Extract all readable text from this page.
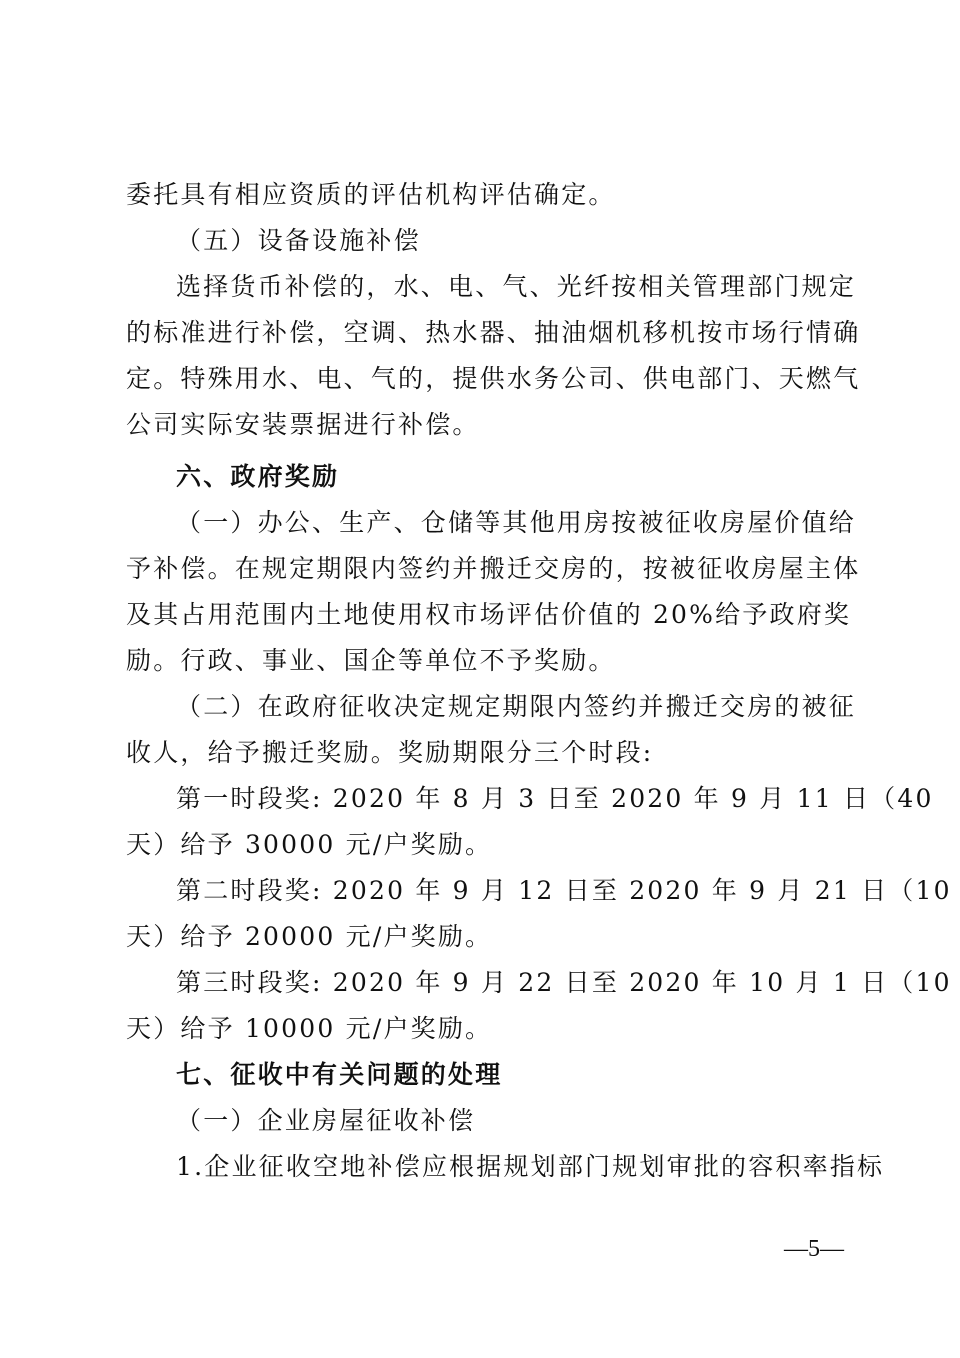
委托具有相应资质的评估机构评估确定。
（五）设备设施补偿
选择货币补偿的，水、电、气、光纤按相关管理部门规定
的标准进行补偿，空调、热水器、抽油烟机移机按市场行情确
定。特殊用水、电、气的，提供水务公司、供电部门、天燃气
公司实际安装票据进行补偿。
六、政府奖励
（一）办公、生产、仓储等其他用房按被征收房屋价值给
予补偿。在规定期限内签约并搬迁交房的，按被征收房屋主体
及其占用范围内土地使用权市场评估价值的 20%给予政府奖
励。行政、事业、国企等单位不予奖励。
（二）在政府征收决定规定期限内签约并搬迁交房的被征
收人，给予搬迁奖励。奖励期限分三个时段:
第一时段奖: 2020 年 8 月 3 日至 2020 年 9 月 11 日（40
天）给予 30000 元/户奖励。
第二时段奖: 2020 年 9 月 12 日至 2020 年 9 月 21 日（10
天）给予 20000 元/户奖励。
第三时段奖: 2020 年 9 月 22 日至 2020 年 10 月 1 日（10
天）给予 10000 元/户奖励。
七、征收中有关问题的处理
（一）企业房屋征收补偿
1.企业征收空地补偿应根据规划部门规划审批的容积率指标
—5—
